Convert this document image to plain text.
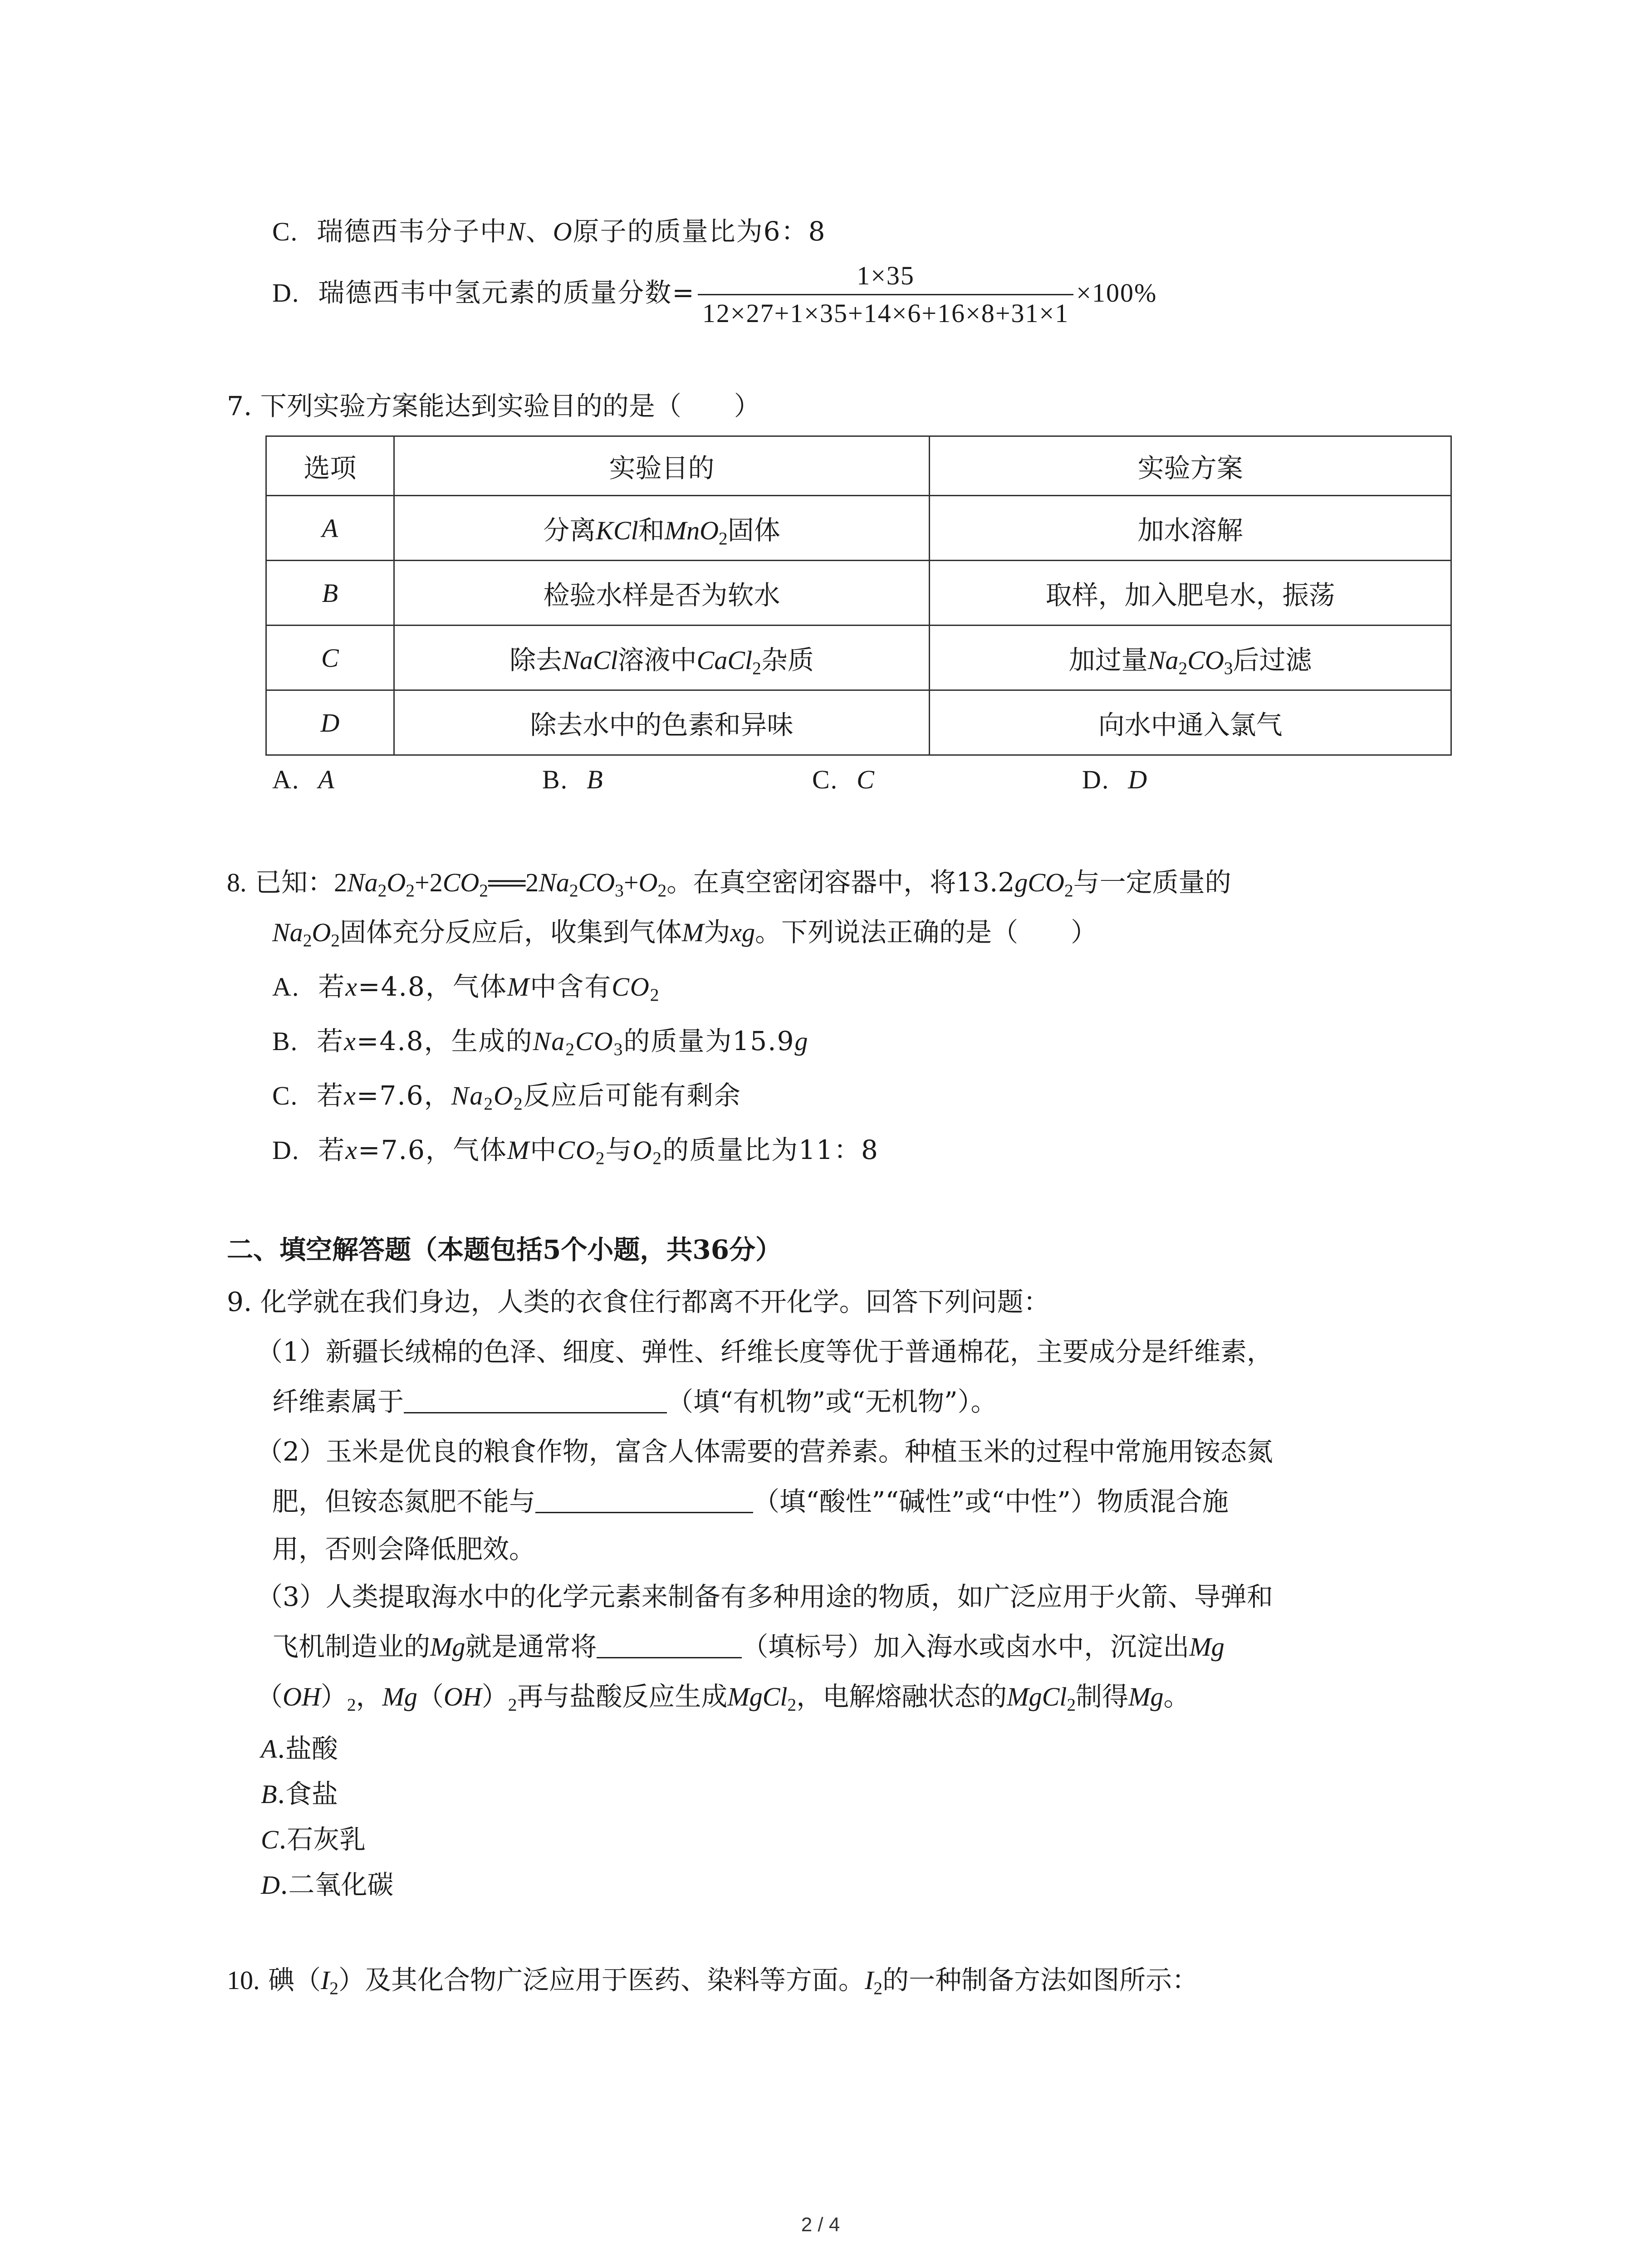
C. 瑞德西韦分子中N、O原子的质量比为6：8
D. 瑞德西韦中氢元素的质量分数= $\frac{1\times 35}{12\times 27+1\times 35+14\times 6+16\times 8+31\times 1} \times 100\%$
7. 下列实验方案能达到实验目的的是（　　）
选项	实验目的	实验方案
A	分离KCl和MnO$_2$固体	加水溶解
B	检验水样是否为软水	取样，加入肥皂水，振荡
C	除去NaCl溶液中CaCl$_2$杂质	加过量$Na_2CO_3$后过滤
D	除去水中的色素和异味	向水中通入氯气
A. A	B. B	C. C	D. D
8. 已知：$2Na_2O_2+2CO_2══2Na_2CO_3+O_2$。在真空密闭容器中，将13.2gCO$_2$与一定质量的
$Na_2O_2$固体充分反应后，收集到气体M为xg。下列说法正确的是（　　）
A. 若x=4.8，气体M中含有$CO_2$
B. 若x=4.8，生成的$Na_2CO_3$的质量为15.9g
C. 若x=7.6，$Na_2O_2$反应后可能有剩余
D. 若x=7.6，气体M中$CO_2$与$O_2$的质量比为11：8
二、填空解答题（本题包括5个小题，共36分）
9. 化学就在我们身边，人类的衣食住行都离不开化学。回答下列问题：
（1）新疆长绒棉的色泽、细度、弹性、纤维长度等优于普通棉花，主要成分是纤维素，
纤维素属于	（填“有机物”或“无机物”）。
（2）玉米是优良的粮食作物，富含人体需要的营养素。种植玉米的过程中常施用铵态氮
肥，但铵态氮肥不能与	（填“酸性”“碱性”或“中性”）物质混合施
用，否则会降低肥效。
（3）人类提取海水中的化学元素来制备有多种用途的物质，如广泛应用于火箭、导弹和
飞机制造业的Mg就是通常将	（填标号）加入海水或卤水中，沉淀出Mg
$(OH)_2$，$Mg(OH)_2$再与盐酸反应生成MgCl$_2$，电解熔融状态的MgCl$_2$制得Mg。
A.盐酸
B.食盐
C.石灰乳
D.二氧化碳
10. 碘$(I_2)$及其化合物广泛应用于医药、染料等方面。$I_2$的一种制备方法如图所示：
2 / 4
